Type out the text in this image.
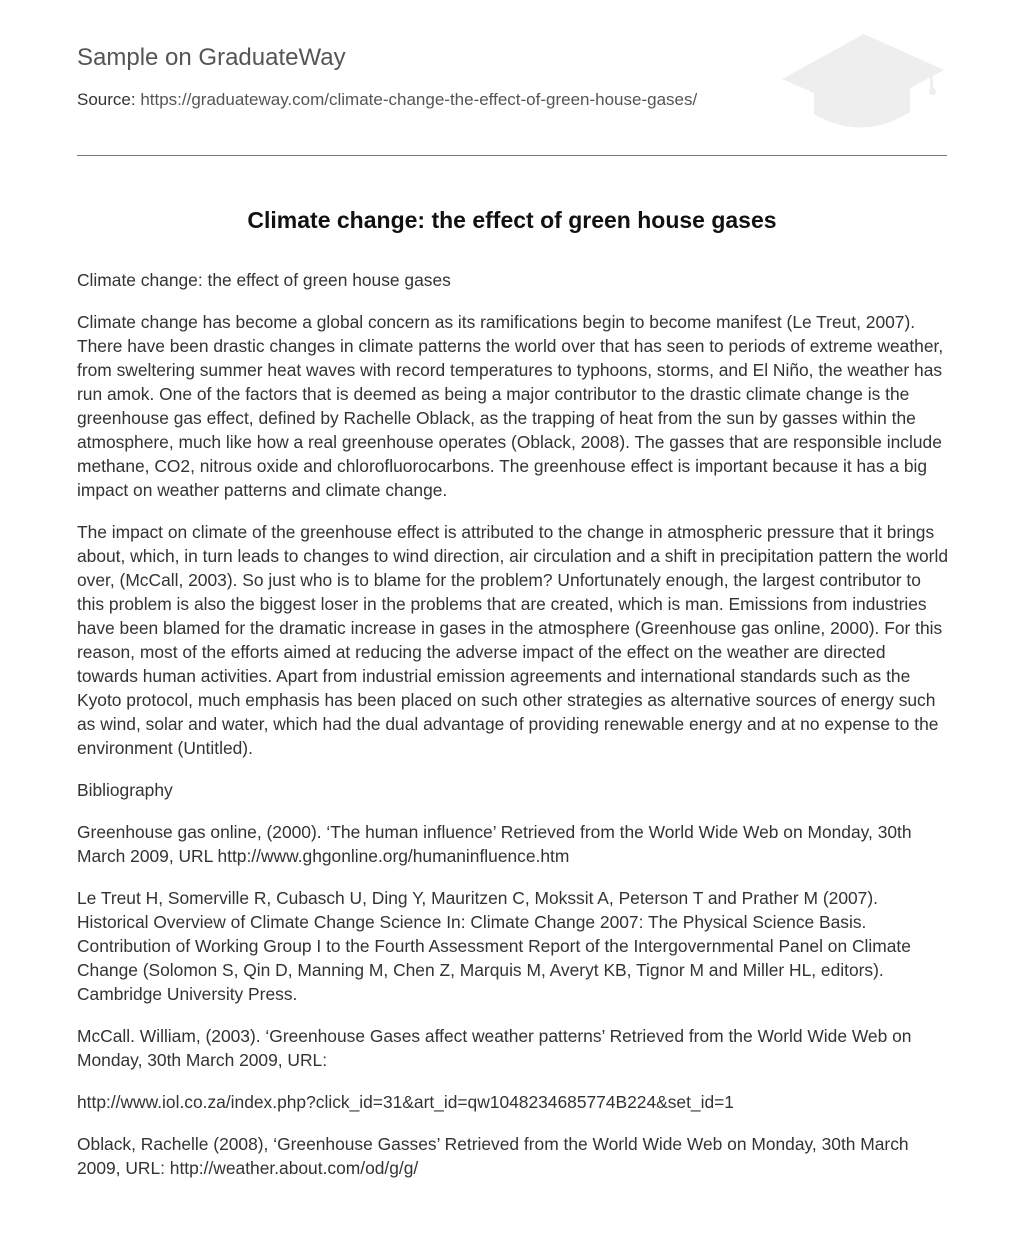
Sample on GraduateWay
Source: https://graduateway.com/climate-change-the-effect-of-green-house-gases/
Climate change: the effect of green house gases

Climate change: the effect of green house gases

Climate change has become a global concern as its ramifications begin to become manifest (Le Treut, 2007). There have been drastic changes in climate patterns the world over that has seen to periods of extreme weather, from sweltering summer heat waves with record temperatures to typhoons, storms, and El Niño, the weather has run amok. One of the factors that is deemed as being a major contributor to the drastic climate change is the greenhouse gas effect, defined by Rachelle Oblack, as the trapping of heat from the sun by gasses within the atmosphere, much like how a real greenhouse operates (Oblack, 2008). The gasses that are responsible include methane, CO2, nitrous oxide and chlorofluorocarbons. The greenhouse effect is important because it has a big impact on weather patterns and climate change.

The impact on climate of the greenhouse effect is attributed to the change in atmospheric pressure that it brings about, which, in turn leads to changes to wind direction, air circulation and a shift in precipitation pattern the world over, (McCall, 2003). So just who is to blame for the problem? Unfortunately enough, the largest contributor to this problem is also the biggest loser in the problems that are created, which is man. Emissions from industries have been blamed for the dramatic increase in gases in the atmosphere (Greenhouse gas online, 2000). For this reason, most of the efforts aimed at reducing the adverse impact of the effect on the weather are directed towards human activities. Apart from industrial emission agreements and international standards such as the Kyoto protocol, much emphasis has been placed on such other strategies as alternative sources of energy such as wind, solar and water, which had the dual advantage of providing renewable energy and at no expense to the environment (Untitled).

Bibliography

Greenhouse gas online, (2000). ‘The human influence’ Retrieved from the World Wide Web on Monday, 30th March 2009, URL http://www.ghgonline.org/humaninfluence.htm

Le Treut H, Somerville R, Cubasch U, Ding Y, Mauritzen C, Mokssit A, Peterson T and Prather M (2007). Historical Overview of Climate Change Science In: Climate Change 2007: The Physical Science Basis. Contribution of Working Group I to the Fourth Assessment Report of the Intergovernmental Panel on Climate Change (Solomon S, Qin D, Manning M, Chen Z, Marquis M, Averyt KB, Tignor M and Miller HL, editors). Cambridge University Press.

McCall. William, (2003). ‘Greenhouse Gases affect weather patterns’ Retrieved from the World Wide Web on Monday, 30th March 2009, URL:

http://www.iol.co.za/index.php?click_id=31&art_id=qw1048234685774B224&set_id=1

Oblack, Rachelle (2008), ‘Greenhouse Gasses’ Retrieved from the World Wide Web on Monday, 30th March 2009, URL: http://weather.about.com/od/g/g/
